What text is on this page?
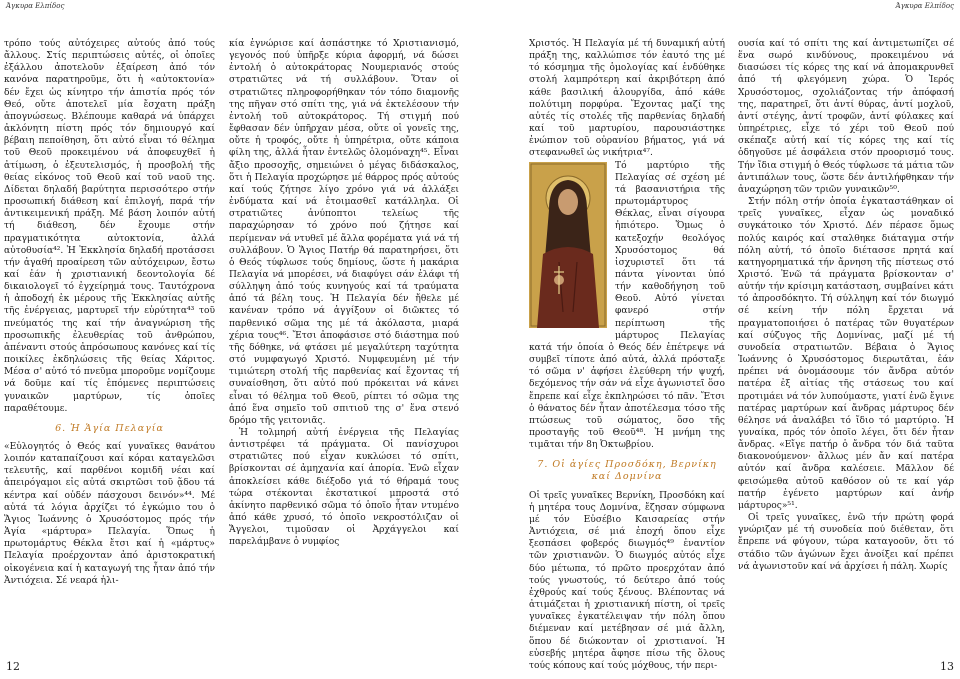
Άγκυρα Ελπίδος

τρόπο τούς αὐτόχειρες αὐτούς ἀπό τούς ἄλλους. Στίς περιπτώσεις αὐτές, οἱ ὁποῖες ἐξάλλου ἀποτελοῦν ἐξαίρεση ἀπό τόν κανόνα παρατηροῦμε, ὅτι ἡ «αὐτοκτονία» δέν ἔχει ὡς κίνητρο τήν ἀπιστία πρός τόν Θεό, οὔτε ἀποτελεῖ μία ἔσχατη πράξη ἀπογνώσεως. Βλέπουμε καθαρά νά ὑπάρχει ἀκλόνητη πίστη πρός τόν δημιουργό καί βέβαιη πεποίθηση, ὅτι αὐτό εἶναι τό θέλημα τοῦ Θεοῦ προκειμένου νά ἀποφευχθεῖ ἡ ἀτίμωση, ὁ ἐξευτελισμός, ἡ προσβολή τῆς θείας εἰκόνος τοῦ Θεοῦ καί τοῦ ναοῦ της. Δίδεται δηλαδή βαρύτητα περισσότερο στήν προσωπική διάθεση καί ἐπιλογή, παρά τήν ἀντικειμενική πράξη. Μέ βάση λοιπόν αὐτή τή διάθεση, δέν ἔχουμε στήν πραγματικότητα αὐτοκτονία, ἀλλά αὐτοθυσία⁴². Ἡ Ἐκκλησία δηλαδή προτάσσει τήν ἀγαθή προαίρεση τῶν αὐτόχειρων, ἔστω καί ἐάν ἡ χριστιανική δεοντολογία δέ δικαιολογεῖ τό ἐγχείρημά τους. Ταυτόχρονα ἡ ἀποδοχή ἐκ μέρους τῆς Ἐκκλησίας αὐτῆς τῆς ἐνέργειας, μαρτυρεῖ τήν εὐρύτητα⁴³ τοῦ πνεύματός της καί τήν ἀναγνώριση τῆς προσωπικῆς ἐλευθερίας τοῦ ἀνθρώπου, ἀπέναντι στούς ἀπρόσωπους κανόνες καί τίς ποικίλες ἐκδηλώσεις τῆς θείας Χάριτος. Μέσα σ' αὐτό τό πνεῦμα μποροῦμε νομίζουμε νά δοῦμε καί τίς ἑπόμενες περιπτώσεις γυναικῶν μαρτύρων, τίς ὁποῖες παραθέτουμε.

6. Ἡ Ἁγία Πελαγία

«Εὐλογητός ὁ Θεός καί γυναῖκες θανάτου λοιπόν καταπαίζουσι καί κόραι καταγελῶσι τελευτῆς, καί παρθένοι κομιδῆ νέαι καί ἀπειρόγαμοι εἰς αὐτά σκιρτῶσι τοῦ ᾅδου τά κέντρα καί οὐδέν πάσχουσι δεινόν»⁴⁴. Μέ αὐτά τά λόγια ἀρχίζει τό ἐγκώμιο του ὁ Ἅγιος Ἰωάννης ὁ Χρυσόστομος πρός τήν Ἁγία «μάρτυρα» Πελαγία. Ὅπως ἡ πρωτομάρτυς Θέκλα ἔτσι καί ἡ «μάρτυς» Πελαγία προέρχονταν ἀπό ἀριστοκρατική οἰκογένεια καί ἡ καταγωγή της ἦταν ἀπό τήν Ἀντιόχεια. Σέ νεαρά ἡλι-

κία ἐγνώρισε καί ἀσπάστηκε τό Χριστιανισμό, γεγονός πού ὑπῆρξε κύρια ἀφορμή, νά δώσει ἐντολή ὁ αὐτοκράτορας Νουμεριανός στούς στρατιῶτες νά τή συλλάβουν. Ὅταν οἱ στρατιῶτες πληροφορήθηκαν τόν τόπο διαμονῆς της πῆγαν στό σπίτι της, γιά νά ἐκτελέσουν τήν ἐντολή τοῦ αὐτοκράτορος. Τή στιγμή πού ἔφθασαν δέν ὑπῆρχαν μέσα, οὔτε οἱ γονεῖς της, οὔτε ἡ τροφός, οὔτε ἡ ὑπηρέτρια, οὔτε κάποια φίλη της, ἀλλά ἦταν ἐντελῶς ὁλομόναχη⁴⁵. Εἶναι ἄξιο προσοχῆς, σημειώνει ὁ μέγας διδάσκαλος, ὅτι ἡ Πελαγία προχώρησε μέ θάρρος πρός αὐτούς καί τούς ζήτησε λίγο χρόνο γιά νά ἀλλάξει ἐνδύματα καί νά ἑτοιμασθεῖ κατάλληλα. Οἱ στρατιῶτες ἀνύποπτοι τελείως τῆς παραχώρησαν τό χρόνο πού ζήτησε καί περίμεναν νά ντυθεῖ μέ ἄλλα φορέματα γιά νά τή συλλάβουν. Ὁ Ἅγιος Πατήρ θά παρατηρήσει, ὅτι ὁ Θεός τύφλωσε τούς δημίους, ὥστε ἡ μακάρια Πελαγία νά μπορέσει, νά διαφύγει σάν ἐλάφι τή σύλληψη ἀπό τούς κυνηγούς καί τά τραύματα ἀπό τά βέλη τους. Ἡ Πελαγία δέν ἤθελε μέ κανέναν τρόπο νά ἀγγίξουν οἱ διῶκτες τό παρθενικό σῶμα της μέ τά ἀκόλαστα, μιαρά χέρια τους⁴⁶. Ἔτσι ἀποφάσισε στό διάστημα πού τῆς δόθηκε, νά φτάσει μέ μεγαλύτερη ταχύτητα στό νυμφαγωγό Χριστό. Νυμφευμένη μέ τήν τιμιώτερη στολή τῆς παρθενίας καί ἔχοντας τή συναίσθηση, ὅτι αὐτό πού πρόκειται νά κάνει εἶναι τό θέλημα τοῦ Θεοῦ, ρίπτει τό σῶμα της ἀπό ἕνα σημεῖο τοῦ σπιτιοῦ της σ' ἕνα στενό δρόμο τῆς γειτονιᾶς.

Ἡ τολμηρή αὐτή ἐνέργεια τῆς Πελαγίας ἀντιστρέφει τά πράγματα. Οἱ πανίσχυροι στρατιῶτες πού εἶχαν κυκλώσει τό σπίτι, βρίσκονται σέ ἀμηχανία καί ἀπορία. Ἐνῶ εἶχαν ἀποκλείσει κάθε διέξοδο γιά τό θήραμά τους τώρα στέκονται ἐκστατικοί μπροστά στό ἀκίνητο παρθενικό σῶμα τό ὁποῖο ἦταν ντυμένο ἀπό κάθε χρυσό, τό ὁποῖο νεκροστόλιζαν οἱ Ἄγγελοι, τιμοῦσαν οἱ Ἀρχάγγελοι καί παρελάμβανε ὁ νυμφίος

12
Άγκυρα Ελπίδος

Χριστός. Ἡ Πελαγία μέ τή δυναμική αὐτή πράξη της, καλλώπισε τόν ἑαυτό της μέ τό κόσμημα τῆς ὁμολογίας καί ἐνδύθηκε στολή λαμπρότερη καί ἀκριβότερη ἀπό κάθε βασιλική ἁλουργίδα, ἀπό κάθε πολύτιμη πορφύρα. Ἔχοντας μαζί της αὐτές τίς στολές τῆς παρθενίας δηλαδή καί τοῦ μαρτυρίου, παρουσιάστηκε ἐνώπιον τοῦ οὐρανίου βήματος, γιά νά στεφανωθεῖ ὡς νικήτρια⁴⁷.

Τό μαρτύριο τῆς Πελαγίας σέ σχέση μέ τά βασανιστήρια τῆς πρωτομάρτυρος Θέκλας, εἶναι σίγουρα ἠπιότερο. Ὅμως ὁ κατεξοχήν θεολόγος Χρυσόστομος θά ἰσχυριστεῖ ὅτι τά πάντα γίνονται ὑπό τήν καθοδήγηση τοῦ Θεοῦ. Αὐτό γίνεται φανερό στήν περίπτωση τῆς μάρτυρος Πελαγίας κατά τήν ὁποία ὁ Θεός δέν ἐπέτρεψε νά συμβεῖ τίποτε ἀπό αὐτά, ἀλλά πρόσταξε τό σῶμα ν' ἀφήσει ἐλεύθερη τήν ψυχή, δεχόμενος τήν σάν νά εἶχε ἀγωνιστεῖ ὅσο ἔπρεπε καί εἶχε ἐκπληρώσει τό πᾶν. Ἔτσι ὁ θάνατος δέν ἦταν ἀποτέλεσμα τόσο τῆς πτώσεως τοῦ σώματος, ὅσο τῆς προσταγῆς τοῦ Θεοῦ⁴⁸. Ἡ μνήμη της τιμᾶται τήν 8η Ὀκτωβρίου.

7. Οἱ ἁγίες Προσδόκη, Βερνίκη καί Δομνίνα

Οἱ τρεῖς γυναῖκες Βερνίκη, Προσδόκη καί ἡ μητέρα τους Δομνίνα, ἔζησαν σύμφωνα μέ τόν Εὐσέβιο Καισαρείας στήν Ἀντιόχεια, σέ μιά ἐποχή ὅπου εἶχε ξεσπάσει φοβερός διωγμός⁴⁹ ἐναντίον τῶν χριστιανῶν. Ὁ διωγμός αὐτός εἶχε δύο μέτωπα, τό πρῶτο προερχόταν ἀπό τούς γνωστούς, τό δεύτερο ἀπό τούς ἐχθρούς καί τούς ξένους. Βλέποντας νά ἀτιμάζεται ἡ χριστιανική πίστη, οἱ τρεῖς γυναῖκες ἐγκατέλειψαν τήν πόλη ὅπου διέμεναν καί μετέβησαν σέ μιά ἄλλη, ὅπου δέ διώκονταν οἱ χριστιανοί. Ἡ εὐσεβής μητέρα ἄφησε πίσω τῆς ὅλους τούς κόπους καί τούς μόχθους, τήν περι-

ουσία καί τό σπίτι της καί ἀντιμετωπίζει σέ ἕνα σωρό κινδύνους, προκειμένου νά διασώσει τίς κόρες της καί νά ἀπομακρυνθεῖ ἀπό τή φλεγόμενη χώρα. Ὁ Ἱερός Χρυσόστομος, σχολιάζοντας τήν ἀπόφασή της, παρατηρεῖ, ὅτι ἀντί θύρας, ἀντί μοχλοῦ, ἀντί στέγης, ἀντί τροφῶν, ἀντί φύλακες καί ὑπηρέτριες, εἶχε τό χέρι τοῦ Θεοῦ πού σκέπαζε αὐτή καί τίς κόρες της καί τίς ὁδηγοῦσε μέ ἀσφάλεια στόν προορισμό τους. Τήν ἴδια στιγμή ὁ Θεός τύφλωσε τά μάτια τῶν ἀντιπάλων τους, ὥστε δέν ἀντιλήφθηκαν τήν ἀναχώρηση τῶν τριῶν γυναικῶν⁵⁰.

Στήν πόλη στήν ὁποία ἐγκαταστάθηκαν οἱ τρεῖς γυναῖκες, εἶχαν ὡς μοναδικό συγκάτοικο τόν Χριστό. Δέν πέρασε ὅμως πολύς καιρός καί σταλθηκε διάταγμα στήν πόλη αὐτή, τό ὁποῖο διέτασσε πρητά καί κατηγορηματικά τήν ἄρνηση τῆς πίστεως στό Χριστό. Ἐνῶ τά πράγματα βρίσκονταν σ' αὐτήν τήν κρίσιμη κατάσταση, συμβαίνει κάτι τό ἀπροσδόκητο. Τή σύλληψη καί τόν διωγμό σέ κείνη τήν πόλη ἔρχεται νά πραγματοποιήσει ὁ πατέρας τῶν θυγατέρων καί σύζυγος τῆς Δομνίνας, μαζί μέ τή συνοδεία στρατιωτῶν. Βέβαια ὁ Ἅγιος Ἰωάννης ὁ Χρυσόστομος διερωτᾶται, ἐάν πρέπει νά ὀνομάσουμε τόν ἄνδρα αὐτόν πατέρα ἐξ αἰτίας τῆς στάσεως του καί προτιμάει νά τόν λυπούμαστε, γιατί ἐνῶ ἔγινε πατέρας μαρτύρων καί ἄνδρας μάρτυρος δέν θέλησε νά ἀναλάβει τό ἴδιο τό μαρτύριο. Ἡ γυναίκα, πρός τόν ὁποῖο λέγει, ὅτι δέν ἦταν ἄνδρας. «Εἴγε πατήρ ὁ ἄνδρα τόν διά ταῦτα διακονούμενον· ἄλλως μέν ἄν καί πατέρα αὐτόν καί ἄνδρα καλέσειε. Μᾶλλον δέ φεισώμεθα αὐτοῦ καθόσον οὐ τε καί γάρ πατήρ ἐγένετο μαρτύρων καί ἀνήρ μάρτυρος»⁵¹.

Οἱ τρεῖς γυναῖκες, ἐνῶ τήν πρώτη φορά γνώριζαν μέ τή συνοδεία πού διέθεταν, ὅτι ἔπρεπε νά φύγουν, τώρα καταγοοῦν, ὅτι τό στάδιο τῶν ἀγώνων ἔχει ἀνοίξει καί πρέπει νά ἀγωνιστοῦν καί νά ἀρχίσει ἡ πάλη. Χωρίς

13
